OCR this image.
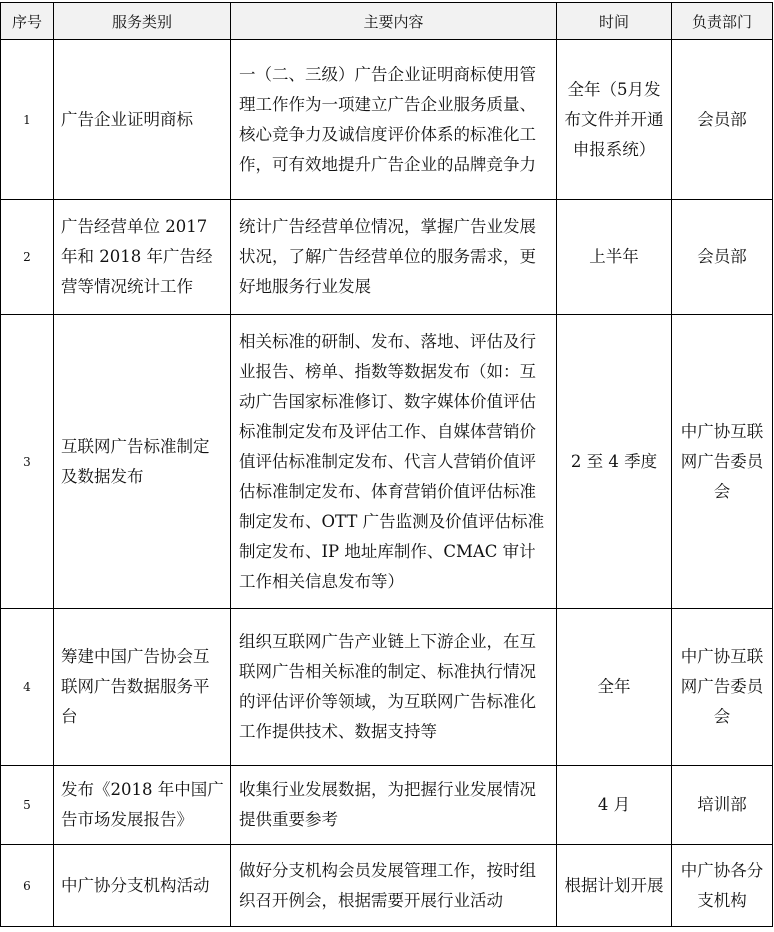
序号	服务类别	主要内容	时间	负责部门
1	广告企业证明商标	一（二、三级）广告企业证明商标使用管理工作作为一项建立广告企业服务质量、核心竞争力及诚信度评价体系的标准化工作，可有效地提升广告企业的品牌竞争力	全年（5月发布文件并开通申报系统）	会员部
2	广告经营单位 2017 年和 2018 年广告经营等情况统计工作	统计广告经营单位情况，掌握广告业发展状况，了解广告经营单位的服务需求，更好地服务行业发展	上半年	会员部
3	互联网广告标准制定及数据发布	相关标准的研制、发布、落地、评估及行业报告、榜单、指数等数据发布（如：互动广告国家标准修订、数字媒体价值评估标准制定发布及评估工作、自媒体营销价值评估标准制定发布、代言人营销价值评估标准制定发布、体育营销价值评估标准制定发布、OTT 广告监测及价值评估标准制定发布、IP 地址库制作、CMAC 审计工作相关信息发布等）	2 至 4 季度	中广协互联网广告委员会
4	筹建中国广告协会互联网广告数据服务平台	组织互联网广告产业链上下游企业，在互联网广告相关标准的制定、标准执行情况的评估评价等领域，为互联网广告标准化工作提供技术、数据支持等	全年	中广协互联网广告委员会
5	发布《2018 年中国广告市场发展报告》	收集行业发展数据，为把握行业发展情况提供重要参考	4 月	培训部
6	中广协分支机构活动	做好分支机构会员发展管理工作，按时组织召开例会，根据需要开展行业活动	根据计划开展	中广协各分支机构
